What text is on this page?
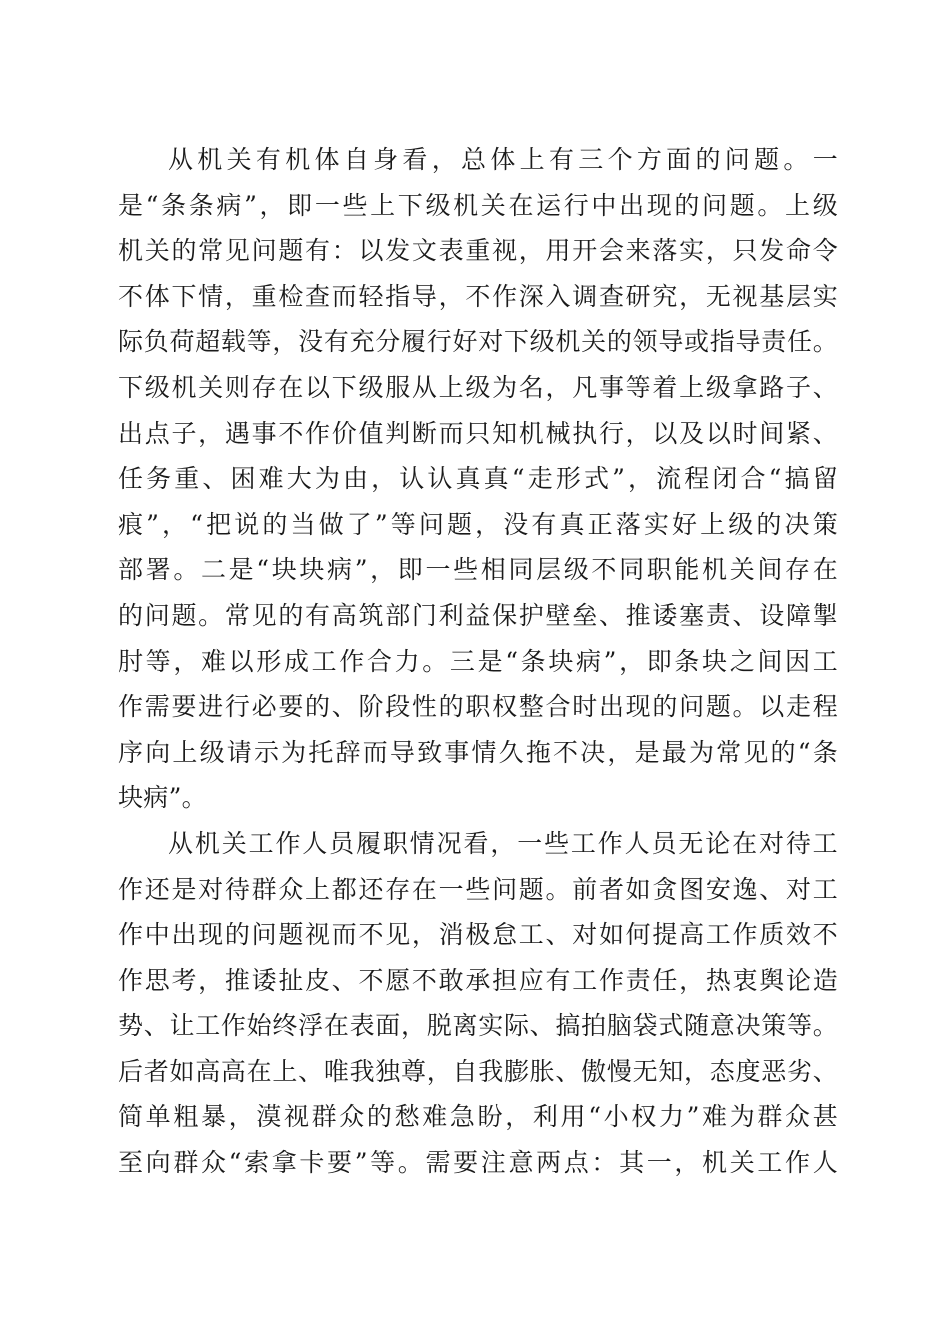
从机关有机体自身看，总体上有三个方面的问题。一
是“条条病”，即一些上下级机关在运行中出现的问题。上级
机关的常见问题有：以发文表重视，用开会来落实，只发命令
不体下情，重检查而轻指导，不作深入调查研究，无视基层实
际负荷超载等，没有充分履行好对下级机关的领导或指导责任。
下级机关则存在以下级服从上级为名，凡事等着上级拿路子、
出点子，遇事不作价值判断而只知机械执行，以及以时间紧、
任务重、困难大为由，认认真真“走形式”，流程闭合“搞留
痕”，“把说的当做了”等问题，没有真正落实好上级的决策
部署。二是“块块病”，即一些相同层级不同职能机关间存在
的问题。常见的有高筑部门利益保护壁垒、推诿塞责、设障掣
肘等，难以形成工作合力。三是“条块病”，即条块之间因工
作需要进行必要的、阶段性的职权整合时出现的问题。以走程
序向上级请示为托辞而导致事情久拖不决，是最为常见的“条
块病”。
从机关工作人员履职情况看，一些工作人员无论在对待工
作还是对待群众上都还存在一些问题。前者如贪图安逸、对工
作中出现的问题视而不见，消极怠工、对如何提高工作质效不
作思考，推诿扯皮、不愿不敢承担应有工作责任，热衷舆论造
势、让工作始终浮在表面，脱离实际、搞拍脑袋式随意决策等。
后者如高高在上、唯我独尊，自我膨胀、傲慢无知，态度恶劣、
简单粗暴，漠视群众的愁难急盼，利用“小权力”难为群众甚
至向群众“索拿卡要”等。需要注意两点：其一，机关工作人
